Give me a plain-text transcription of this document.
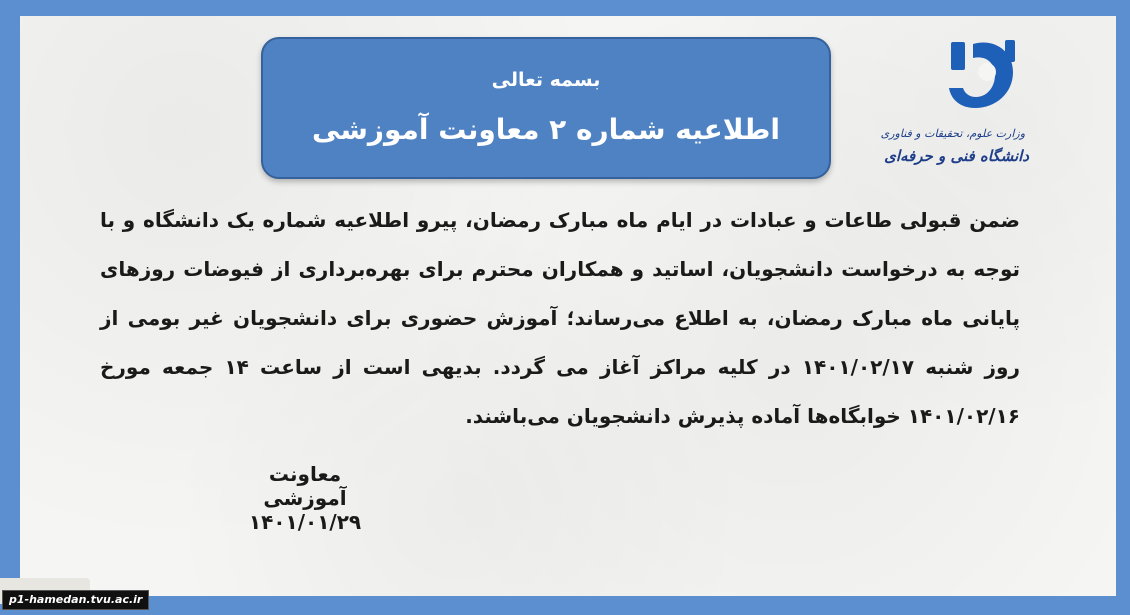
بسمه تعالی
اطلاعیه شماره ۲ معاونت آموزشی	وزارت علوم، تحقیقات و فناوری
دانشگاه فنی و حرفه‌ای
ضمن قبولی طاعات و عبادات در ایام ماه مبارک رمضان، پیرو اطلاعیه شماره یک دانشگاه و با توجه به درخواست دانشجویان، اساتید و همکاران محترم برای بهره‌برداری از فیوضات روزهای پایانی ماه مبارک رمضان، به اطلاع می‌رساند؛ آموزش حضوری برای دانشجویان غیر بومی از روز شنبه ۱۴۰۱/۰۲/۱۷ در کلیه مراکز آغاز می گردد. بدیهی است از ساعت ۱۴ جمعه مورخ ۱۴۰۱/۰۲/۱۶ خوابگاه‌ها آماده پذیرش دانشجویان می‌باشند.
معاونت آموزشی
۱۴۰۱/۰۱/۲۹
p1-hamedan.tvu.ac.ir
